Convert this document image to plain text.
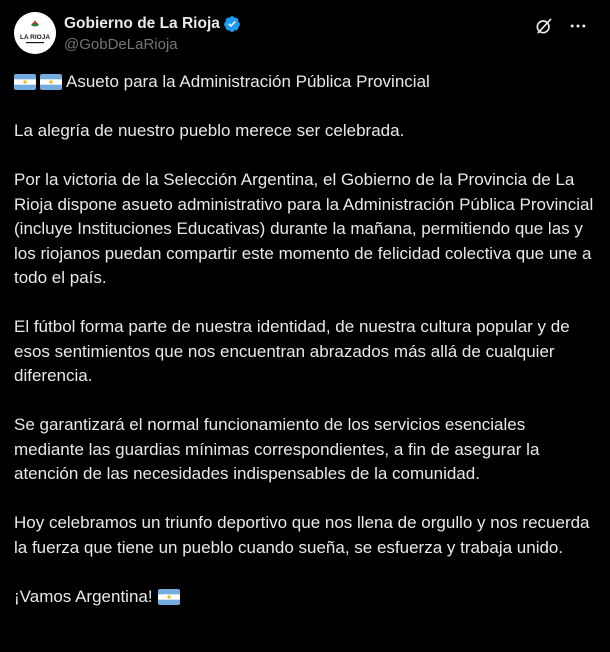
LA RIOJA
Gobierno de La Rioja
@GobDeLaRioja

Asueto para la Administración Pública Provincial

La alegría de nuestro pueblo merece ser celebrada.

Por la victoria de la Selección Argentina, el Gobierno de la Provincia de La Rioja dispone asueto administrativo para la Administración Pública Provincial (incluye Instituciones Educativas) durante la mañana, permitiendo que las y los riojanos puedan compartir este momento de felicidad colectiva que une a todo el país.

El fútbol forma parte de nuestra identidad, de nuestra cultura popular y de esos sentimientos que nos encuentran abrazados más allá de cualquier diferencia.

Se garantizará el normal funcionamiento de los servicios esenciales mediante las guardias mínimas correspondientes, a fin de asegurar la atención de las necesidades indispensables de la comunidad.

Hoy celebramos un triunfo deportivo que nos llena de orgullo y nos recuerda la fuerza que tiene un pueblo cuando sueña, se esfuerza y trabaja unido.

¡Vamos Argentina!
